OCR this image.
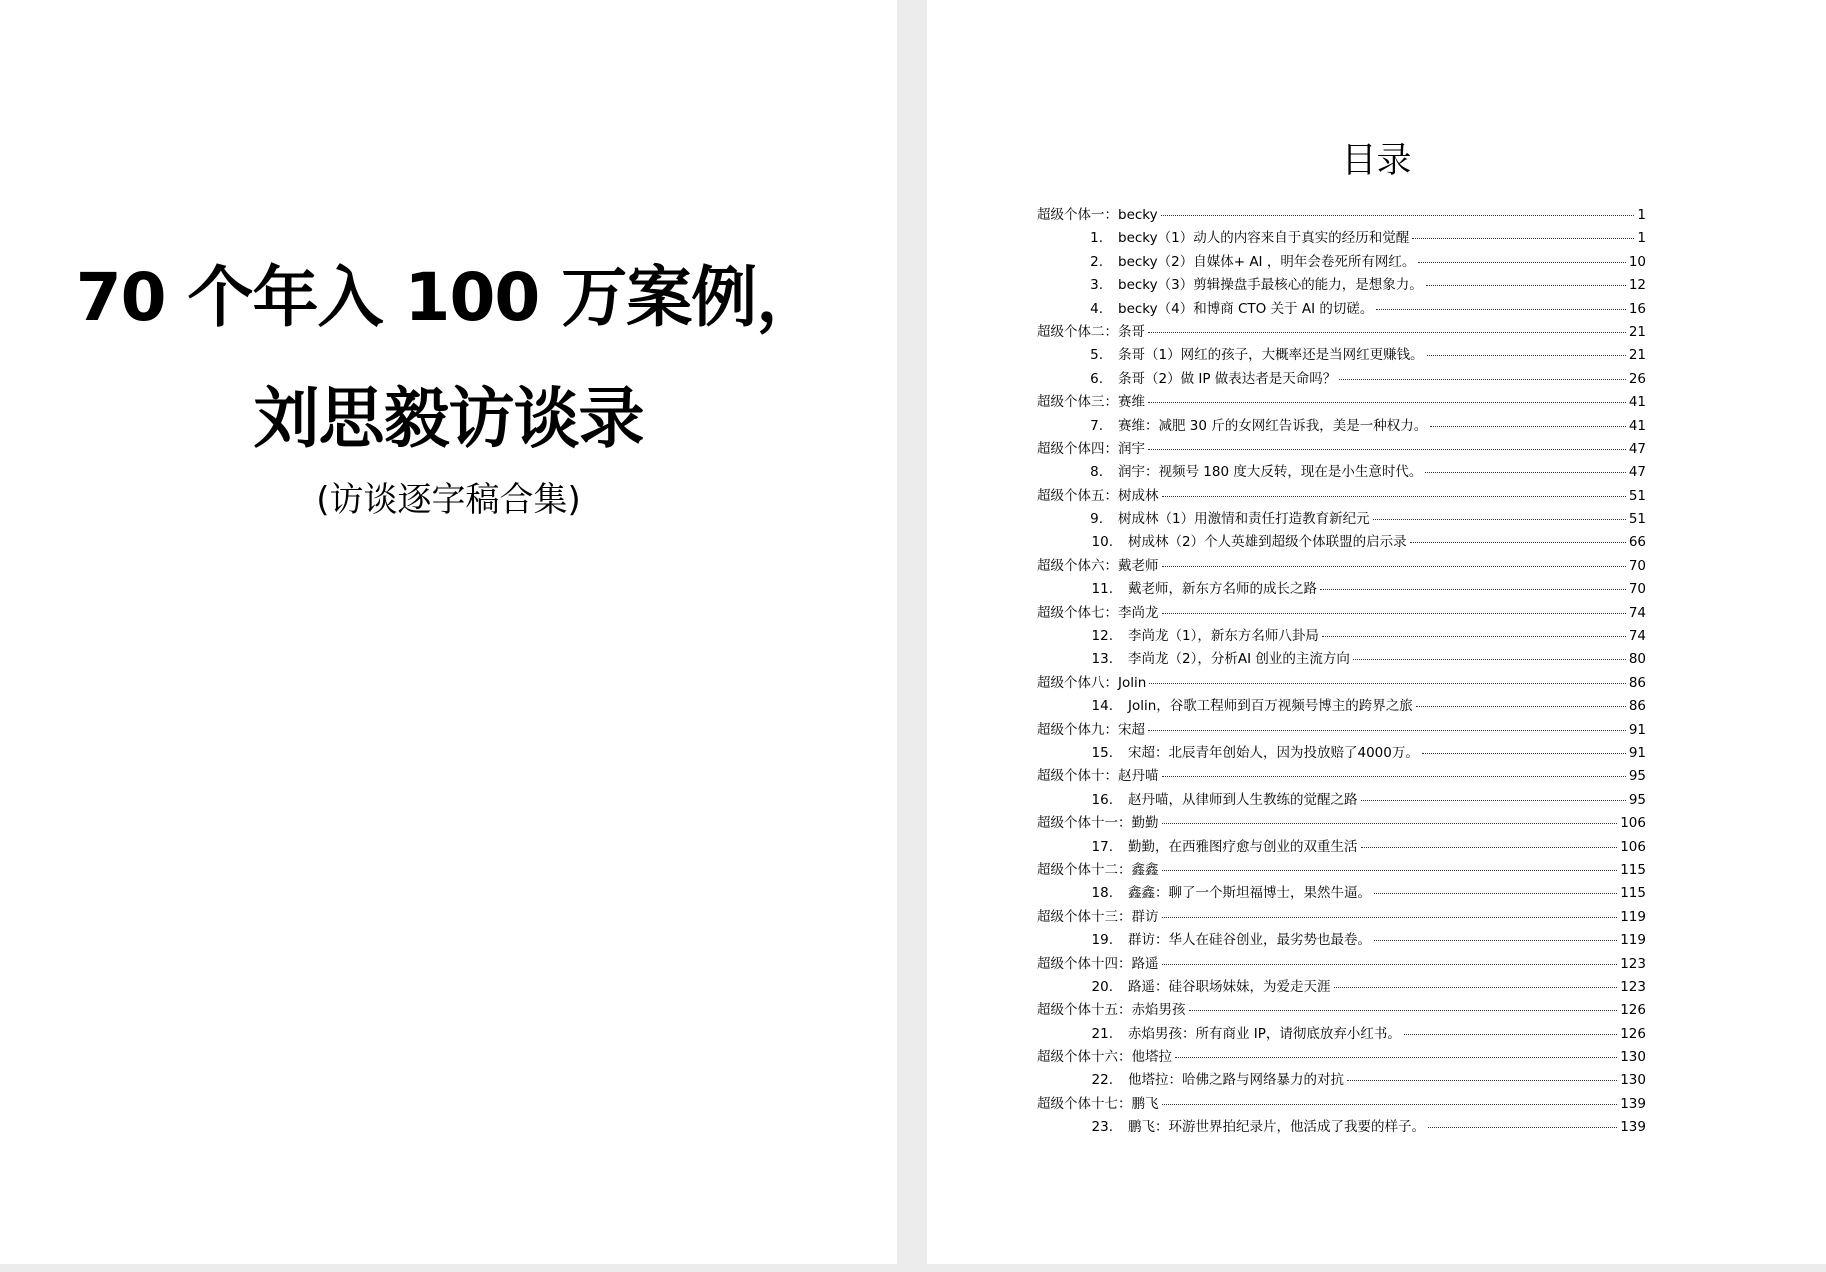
70 个年入 100 万案例，
刘思毅访谈录
(访谈逐字稿合集)
目录
超级个体一：becky	1
1. becky（1）动人的内容来自于真实的经历和觉醒	1
2. becky（2）自媒体+ AI ，明年会卷死所有网红。	10
3. becky（3）剪辑操盘手最核心的能力，是想象力。	12
4. becky（4）和博商 CTO 关于 AI 的切磋。	16
超级个体二：条哥	21
5. 条哥（1）网红的孩子，大概率还是当网红更赚钱。	21
6. 条哥（2）做 IP 做表达者是天命吗？	26
超级个体三：赛维	41
7. 赛维：减肥 30 斤的女网红告诉我，美是一种权力。	41
超级个体四：润宇	47
8. 润宇：视频号 180 度大反转，现在是小生意时代。	47
超级个体五：树成林	51
9. 树成林（1）用激情和责任打造教育新纪元	51
10. 树成林（2）个人英雄到超级个体联盟的启示录	66
超级个体六：戴老师	70
11. 戴老师，新东方名师的成长之路	70
超级个体七：李尚龙	74
12. 李尚龙（1），新东方名师八卦局	74
13. 李尚龙（2），分析AI 创业的主流方向	80
超级个体八：Jolin	86
14. Jolin，谷歌工程师到百万视频号博主的跨界之旅	86
超级个体九：宋超	91
15. 宋超：北辰青年创始人，因为投放赔了4000万。	91
超级个体十：赵丹喵	95
16. 赵丹喵，从律师到人生教练的觉醒之路	95
超级个体十一：勤勤	106
17. 勤勤，在西雅图疗愈与创业的双重生活	106
超级个体十二：鑫鑫	115
18. 鑫鑫：聊了一个斯坦福博士，果然牛逼。	115
超级个体十三：群访	119
19. 群访：华人在硅谷创业，最劣势也最卷。	119
超级个体十四：路遥	123
20. 路遥：硅谷职场妹妹，为爱走天涯	123
超级个体十五：赤焰男孩	126
21. 赤焰男孩：所有商业 IP，请彻底放弃小红书。	126
超级个体十六：他塔拉	130
22. 他塔拉：哈佛之路与网络暴力的对抗	130
超级个体十七：鹏飞	139
23. 鹏飞：环游世界拍纪录片，他活成了我要的样子。	139
